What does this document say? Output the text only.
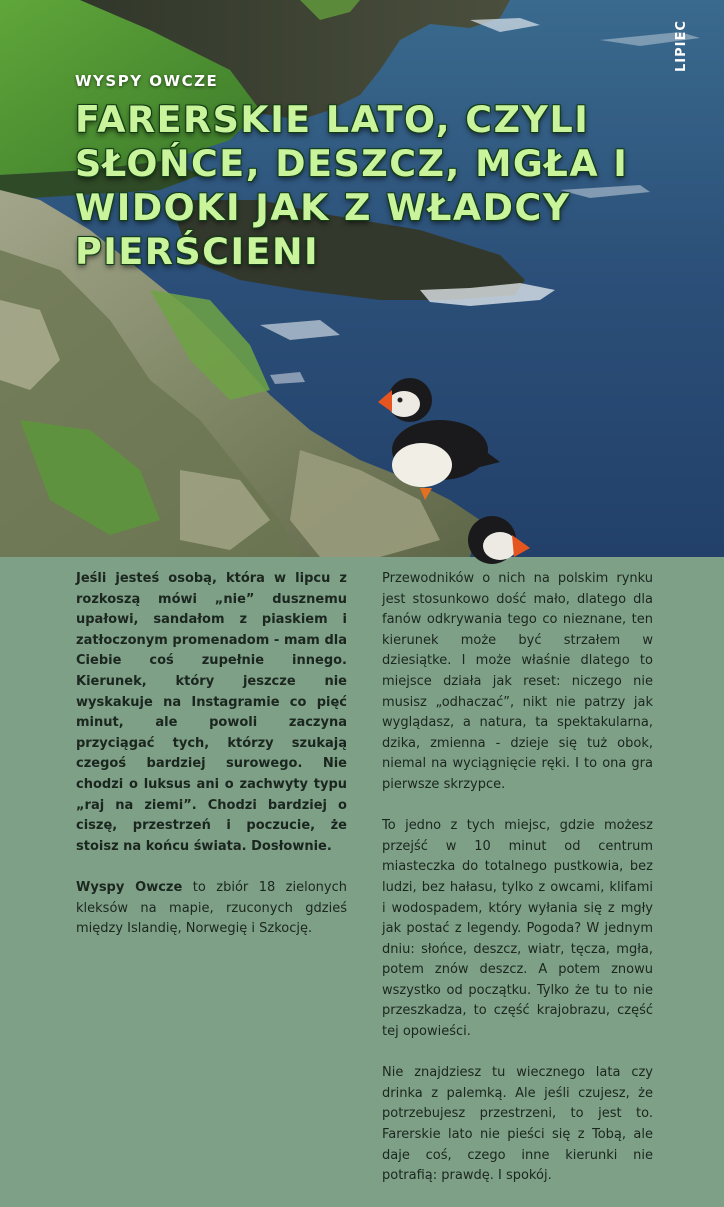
WYSPY OWCZE
FARERSKIE LATO, CZYLI SŁOŃCE, DESZCZ, MGŁA I WIDOKI JAK Z WŁADCY PIERŚCIENI
LIPIEC

Jeśli jesteś osobą, która w lipcu z rozkoszą mówi „nie” dusznemu upałowi, sandałom z piaskiem i zatłoczonym promenadom - mam dla Ciebie coś zupełnie innego. Kierunek, który jeszcze nie wyskakuje na Instagramie co pięć minut, ale powoli zaczyna przyciągać tych, którzy szukają czegoś bardziej surowego. Nie chodzi o luksus ani o zachwyty typu „raj na ziemi”. Chodzi bardziej o ciszę, przestrzeń i poczucie, że stoisz na końcu świata. Dosłownie.

Wyspy Owcze to zbiór 18 zielonych kleksów na mapie, rzuconych gdzieś między Islandię, Norwegię i Szkocję.

Przewodników o nich na polskim rynku jest stosunkowo dość mało, dlatego dla fanów odkrywania tego co nieznane, ten kierunek może być strzałem w dziesiątke. I może właśnie dlatego to miejsce działa jak reset: niczego nie musisz „odhaczać”, nikt nie patrzy jak wyglądasz, a natura, ta spektakularna, dzika, zmienna - dzieje się tuż obok, niemal na wyciągnięcie ręki. I to ona gra pierwsze skrzypce.

To jedno z tych miejsc, gdzie możesz przejść w 10 minut od centrum miasteczka do totalnego pustkowia, bez ludzi, bez hałasu, tylko z owcami, klifami i wodospadem, który wyłania się z mgły jak postać z legendy. Pogoda? W jednym dniu: słońce, deszcz, wiatr, tęcza, mgła, potem znów deszcz. A potem znowu wszystko od początku. Tylko że tu to nie przeszkadza, to część krajobrazu, część tej opowieści.

Nie znajdziesz tu wiecznego lata czy drinka z palemką. Ale jeśli czujesz, że potrzebujesz przestrzeni, to jest to. Farerskie lato nie pieści się z Tobą, ale daje coś, czego inne kierunki nie potrafią: prawdę. I spokój.
